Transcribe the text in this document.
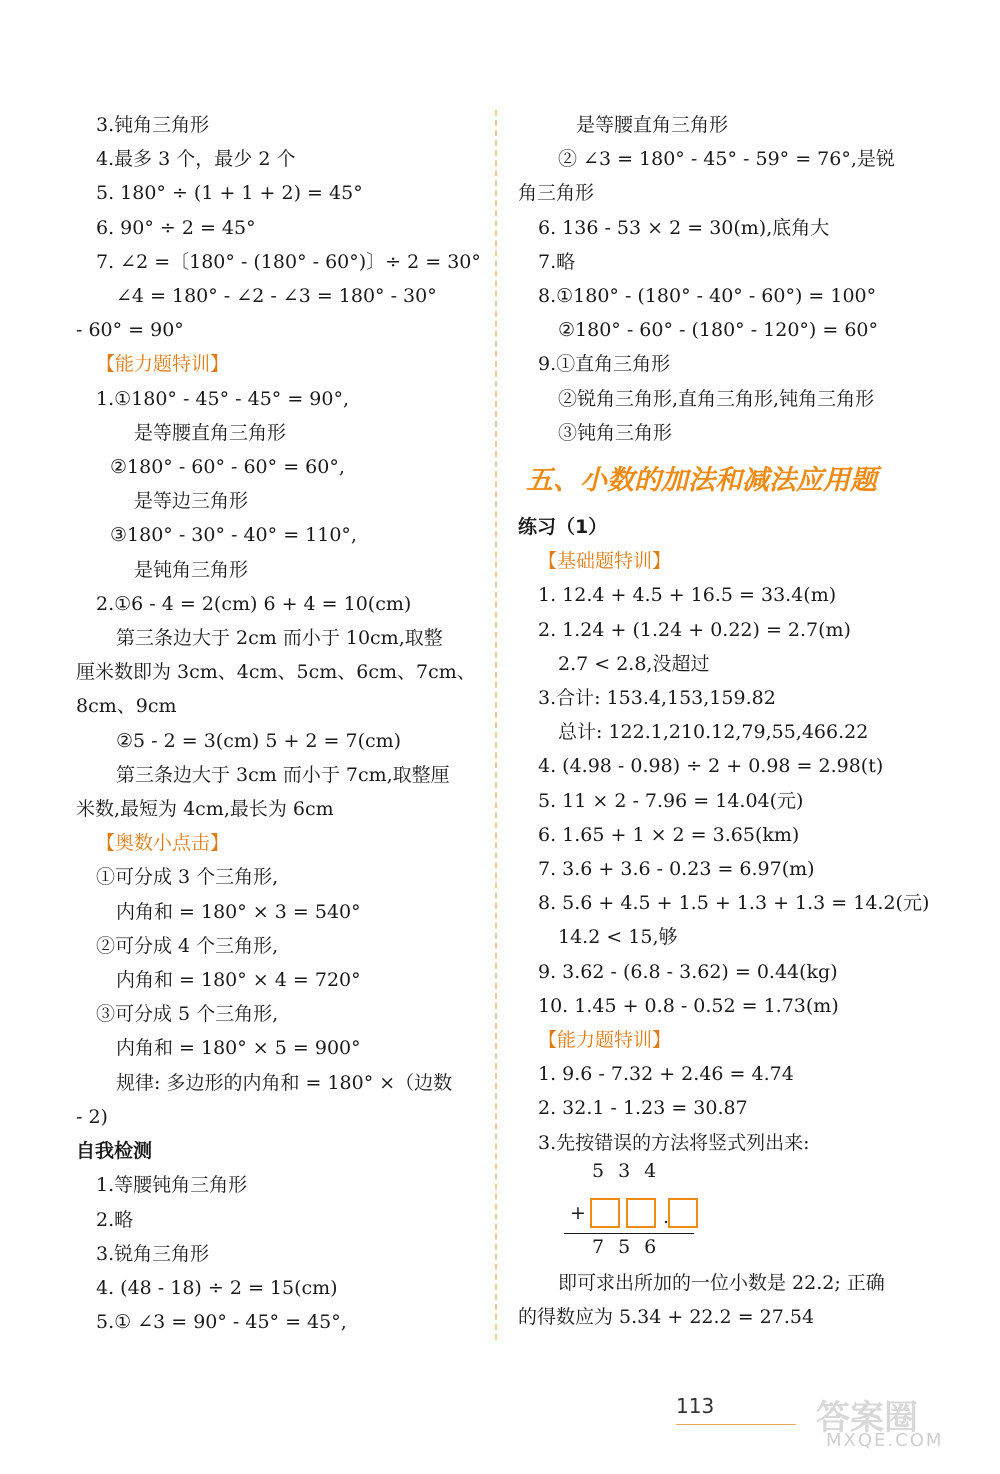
3.钝角三角形
4.最多 3 个，最少 2 个
5. 180° ÷ (1 + 1 + 2) = 45°
6. 90° ÷ 2 = 45°
7. ∠2 =〔180° - (180° - 60°)〕÷ 2 = 30°
∠4 = 180° - ∠2 - ∠3 = 180° - 30°
- 60° = 90°
【能力题特训】
1.①180° - 45° - 45° = 90°,
是等腰直角三角形
②180° - 60° - 60° = 60°,
是等边三角形
③180° - 30° - 40° = 110°,
是钝角三角形
2.①6 - 4 = 2(cm) 6 + 4 = 10(cm)
第三条边大于 2cm 而小于 10cm,取整
厘米数即为 3cm、4cm、5cm、6cm、7cm、
8cm、9cm
②5 - 2 = 3(cm) 5 + 2 = 7(cm)
第三条边大于 3cm 而小于 7cm,取整厘
米数,最短为 4cm,最长为 6cm
【奥数小点击】
①可分成 3 个三角形,
内角和 = 180° × 3 = 540°
②可分成 4 个三角形,
内角和 = 180° × 4 = 720°
③可分成 5 个三角形,
内角和 = 180° × 5 = 900°
规律: 多边形的内角和 = 180° ×（边数
- 2)
自我检测
1.等腰钝角三角形
2.略
3.锐角三角形
4. (48 - 18) ÷ 2 = 15(cm)
5.① ∠3 = 90° - 45° = 45°,
是等腰直角三角形
② ∠3 = 180° - 45° - 59° = 76°,是锐
角三角形
6. 136 - 53 × 2 = 30(m),底角大
7.略
8.①180° - (180° - 40° - 60°) = 100°
②180° - 60° - (180° - 120°) = 60°
9.①直角三角形
②锐角三角形,直角三角形,钝角三角形
③钝角三角形
五、小数的加法和减法应用题
练习（1）
【基础题特训】
1. 12.4 + 4.5 + 16.5 = 33.4(m)
2. 1.24 + (1.24 + 0.22) = 2.7(m)
2.7 < 2.8,没超过
3.合计: 153.4,153,159.82
总计: 122.1,210.12,79,55,466.22
4. (4.98 - 0.98) ÷ 2 + 0.98 = 2.98(t)
5. 11 × 2 - 7.96 = 14.04(元)
6. 1.65 + 1 × 2 = 3.65(km)
7. 3.6 + 3.6 - 0.23 = 6.97(m)
8. 5.6 + 4.5 + 1.5 + 1.3 + 1.3 = 14.2(元)
14.2 < 15,够
9. 3.62 - (6.8 - 3.62) = 0.44(kg)
10. 1.45 + 0.8 - 0.52 = 1.73(m)
【能力题特训】
1. 9.6 - 7.32 + 2.46 = 4.74
2. 32.1 - 1.23 = 30.87
3.先按错误的方法将竖式列出来:
534
+	.
756
即可求出所加的一位小数是 22.2; 正确
的得数应为 5.34 + 22.2 = 27.54
113	答案圈
MXQE.COM
